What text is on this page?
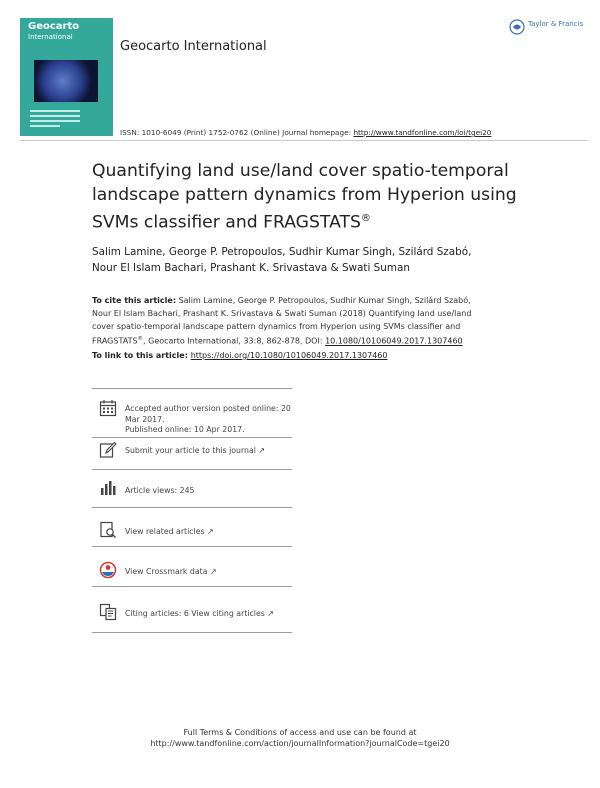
Geocarto
International
Geocarto International
Taylor & Francis
ISSN: 1010-6049 (Print) 1752-0762 (Online) Journal homepage: http://www.tandfonline.com/loi/tgei20
Quantifying land use/land cover spatio-temporal
landscape pattern dynamics from Hyperion using
SVMs classifier and FRAGSTATS®
Salim Lamine, George P. Petropoulos, Sudhir Kumar Singh, Szilárd Szabó,
Nour El Islam Bachari, Prashant K. Srivastava & Swati Suman
To cite this article: Salim Lamine, George P. Petropoulos, Sudhir Kumar Singh, Szilárd Szabó,
Nour El Islam Bachari, Prashant K. Srivastava & Swati Suman (2018) Quantifying land use/land
cover spatio-temporal landscape pattern dynamics from Hyperion using SVMs classifier and
FRAGSTATS®, Geocarto International, 33:8, 862-878, DOI: 10.1080/10106049.2017.1307460
To link to this article: https://doi.org/10.1080/10106049.2017.1307460
Accepted author version posted online: 20
Mar 2017.
Published online: 10 Apr 2017.
Submit your article to this journal ↗
Article views: 245
View related articles ↗
View Crossmark data ↗
Citing articles: 6 View citing articles ↗
Full Terms & Conditions of access and use can be found at
http://www.tandfonline.com/action/journalInformation?journalCode=tgei20
